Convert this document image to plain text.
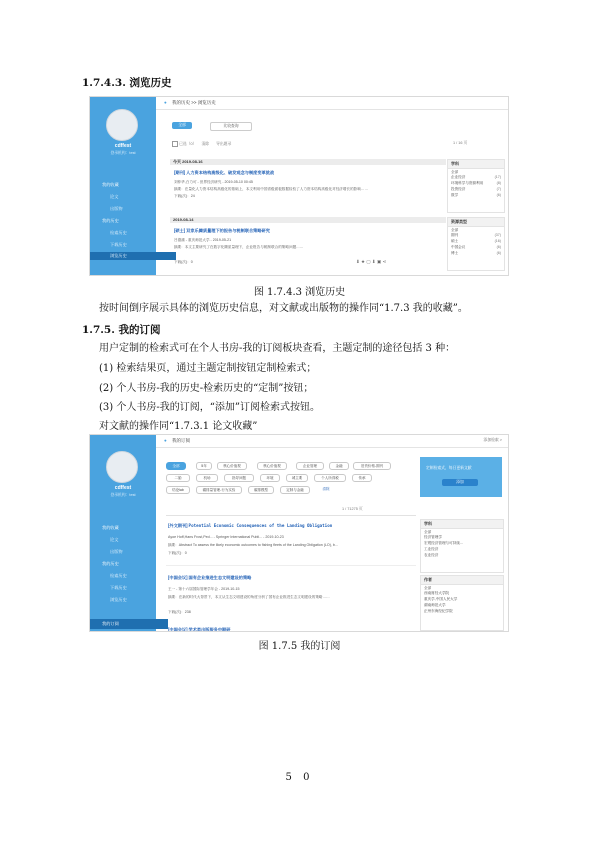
1.7.4.3. 浏览历史
cdffest
登录机构：test
我的收藏
论文
出版物
我的历史
检索历史
下载历史
浏览历史
● 我的历史 >> 浏览历史
全部	比较查询
已选（0） 清除 导出题录	1 / 16 页
今天 2019-08-16
[期刊] 人力资本结构高级化、破发观念与制度变革挑战
刘仲华,白力可 - 世界经济研究 - 2019-05-10 00:45
摘要：在量化人力资本结构高级化的基础上，本文利用中国省级面板数据检验了人力资本结构高级化对经济增长的影响……
下载(次)：24
2019-08-14
[硕士] 双家乐腾质量理下的报告与税制联合策略研究
吕德蒲 - 重庆师范大学 - 2019-05-21
摘要：本文主要研究了在数字化腾质量理下，企业报告与税制联合的策略问题……
下载(次)：0	⬇ ★ ▢ ⬇ ▣ ⋖
学科
全部
企业经济	(17)
环境科学与资源利用	(8)
投资经济	(7)
数学	(6)
资源类型
全部
期刊	(37)
硕士	(16)
中国会议	(6)
博士	(6)
图 1.7.4.3 浏览历史
按时间倒序展示具体的浏览历史信息，对文献或出版物的操作同“1.7.3 我的收藏”。
1.7.5. 我的订阅
用户定制的检索式可在个人书房-我的订阅板块查看，主题定制的途径包括 3 种：
(1) 检索结果页，通过主题定制按钮定制检索式；
(2) 个人书房-我的历史-检索历史的“定制”按钮；
(3) 个人书房-我的订阅，“添加”订阅检索式按钮。
对文献的操作同“1.7.3.1 论文收藏”
cdffest
登录机构：test
我的收藏
论文
出版物
我的历史
检索历史
下载历史
浏览历史
我的订阅
● 我的订阅	添加检索 >
全部	5年	核心价值观	核心价值观	企业管理	金融	旧货价格-期刊
二胎	机场	指导问题	环境	城主要	个人所得税	传承
结论lab	碳排量管理-行为实验	碳排模型	定制与金融	清除
定制检索式，每日更新文献
添加
1 / 71275 页
[外文期刊] Potential Economic Consequences of the Landing Obligation
Ayoe Hoff,Hans Frost,Ped... - Springer International Publi... - 2019-10-23
摘要：Abstract To assess the likely economic outcomes to fishing fleets of the Landing Obligation (LO), b...
下载(次)：0
[中国会议] 国有企业推进生态文明建设的策略
王一 - 第十六届国际管理学年会 - 2019-10-15
摘要：在新的时代大背景下，本文从生态文明建设的角度分析了国有企业推进生态文明建设的策略……
下载(次)：238
[中国会议] 学术类出版服务中期研
学科
全部
经济管理学
宏观经济管理与可持续...
工业经济
农业经济
作者
全部
西南财经大学院
重庆学,中国人民大学
湖南师范大学
正州东海经纪学院
图 1.7.5 我的订阅
5 0
